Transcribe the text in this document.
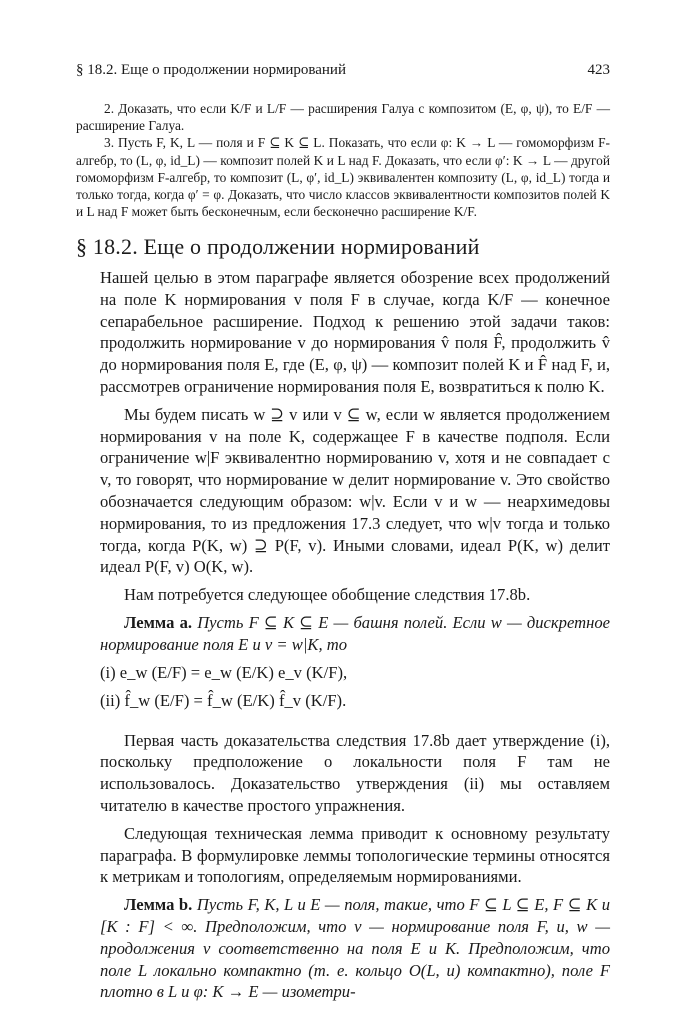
§ 18.2. Еще о продолжении нормирований	423

2. Доказать, что если K/F и L/F — расширения Галуа с композитом (E, φ, ψ), то E/F — расширение Галуа.

3. Пусть F, K, L — поля и F ⊆ K ⊆ L. Показать, что если φ: K → L — гомоморфизм F-алгебр, то (L, φ, id_L) — композит полей K и L над F. Доказать, что если φ′: K → L — другой гомоморфизм F-алгебр, то композит (L, φ′, id_L) эквивалентен композиту (L, φ, id_L) тогда и только тогда, когда φ′ = φ. Доказать, что число классов эквивалентности композитов полей K и L над F может быть бесконечным, если бесконечно расширение K/F.

§ 18.2. Еще о продолжении нормирований

Нашей целью в этом параграфе является обозрение всех продолжений на поле K нормирования v поля F в случае, когда K/F — конечное сепарабельное расширение. Подход к решению этой задачи таков: продолжить нормирование v до нормирования v̂ поля F̂, продолжить v̂ до нормирования поля E, где (E, φ, ψ) — композит полей K и F̂ над F, и, рассмотрев ограничение нормирования поля E, возвратиться к полю K.

Мы будем писать w ⊇ v или v ⊆ w, если w является продолжением нормирования v на поле K, содержащее F в качестве подполя. Если ограничение w|F эквивалентно нормированию v, хотя и не совпадает с v, то говорят, что нормирование w делит нормирование v. Это свойство обозначается следующим образом: w|v. Если v и w — неархимедовы нормирования, то из предложения 17.3 следует, что w|v тогда и только тогда, когда P(K, w) ⊇ P(F, v). Иными словами, идеал P(K, w) делит идеал P(F, v) O(K, w).

Нам потребуется следующее обобщение следствия 17.8b.

Лемма a. Пусть F ⊆ K ⊆ E — башня полей. Если w — дискретное нормирование поля E и v = w|K, то

(i) e_w (E/F) = e_w (E/K) e_v (K/F),

(ii) f̂_w (E/F) = f̂_w (E/K) f̂_v (K/F).

Первая часть доказательства следствия 17.8b дает утверждение (i), поскольку предположение о локальности поля F там не использовалось. Доказательство утверждения (ii) мы оставляем читателю в качестве простого упражнения.

Следующая техническая лемма приводит к основному результату параграфа. В формулировке леммы топологические термины относятся к метрикам и топологиям, определяемым нормированиями.

Лемма b. Пусть F, K, L и E — поля, такие, что F ⊆ L ⊆ E, F ⊆ K и [K : F] < ∞. Предположим, что v — нормирование поля F, u, w — продолжения v соответственно на поля E и K. Предположим, что поле L локально компактно (т. е. кольцо O(L, u) компактно), поле F плотно в L и φ: K → E — изометри-
